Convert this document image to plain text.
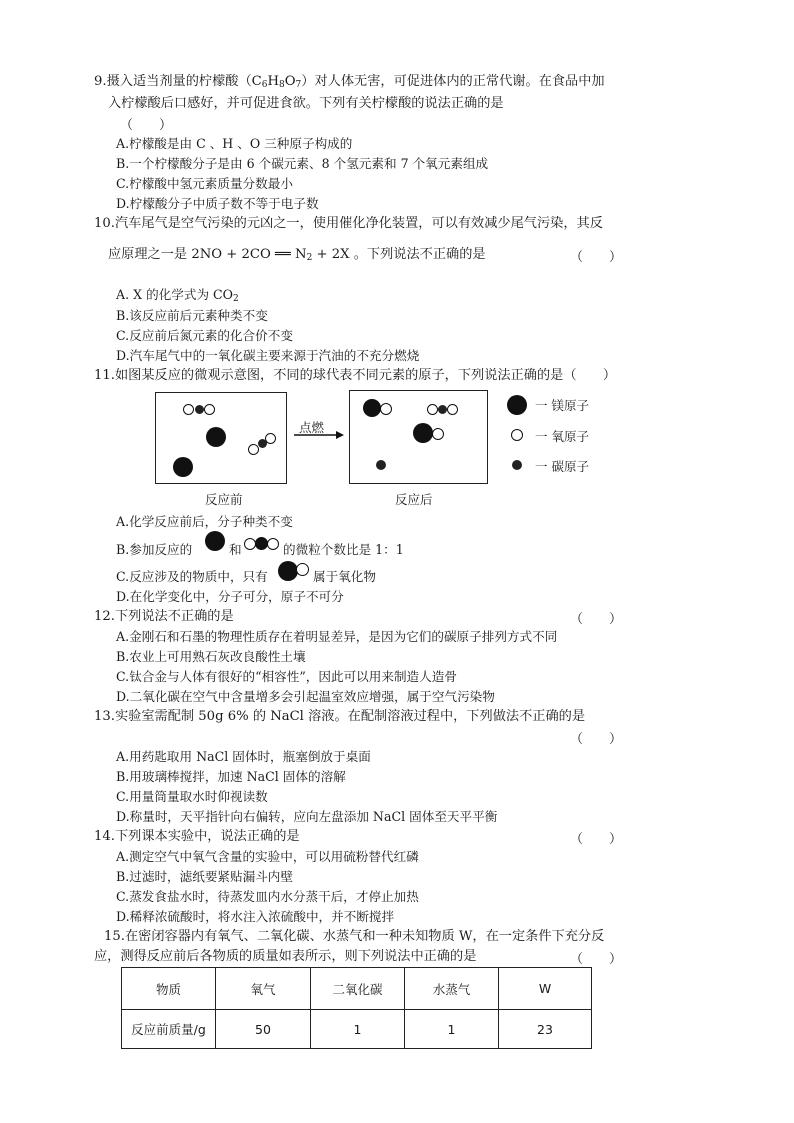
9.摄入适当剂量的柠檬酸$(C_6H_8O_7)$对人体无害，可促进体内的正常代谢。在食品中加
入柠檬酸后口感好，并可促进食欲。下列有关柠檬酸的说法正确的是
（　　）
A.柠檬酸是由 C 、H 、O 三种原子构成的
B.一个柠檬酸分子是由 6 个碳元素、8 个氢元素和 7 个氧元素组成
C.柠檬酸中氢元素质量分数最小
D.柠檬酸分子中质子数不等于电子数
10.汽车尾气是空气污染的元凶之一，使用催化净化装置，可以有效减少尾气污染，其反
应原理之一是 2NO + 2CO ══ $N_2 + 2X$ 。下列说法不正确的是	（　　）
A. X 的化学式为 $CO_2$
B.该反应前后元素种类不变
C.反应前后氮元素的化合价不变
D.汽车尾气中的一氧化碳主要来源于汽油的不充分燃烧
11.如图某反应的微观示意图，不同的球代表不同元素的原子，下列说法正确的是（　　）
点燃
一 镁原子
一 氧原子
一 碳原子
反应前	反应后
A.化学反应前后，分子种类不变
B.参加反应的	和	的微粒个数比是 1：1
C.反应涉及的物质中，只有	属于氧化物
D.在化学变化中，分子可分，原子不可分
12.下列说法不正确的是	（　　）
A.金刚石和石墨的物理性质存在着明显差异，是因为它们的碳原子排列方式不同
B.农业上可用熟石灰改良酸性土壤
C.钛合金与人体有很好的“相容性”，因此可以用来制造人造骨
D.二氧化碳在空气中含量增多会引起温室效应增强，属于空气污染物
13.实验室需配制 50g 6% 的 NaCl 溶液。在配制溶液过程中，下列做法不正确的是
（　　）
A.用药匙取用 NaCl 固体时，瓶塞倒放于桌面
B.用玻璃棒搅拌，加速 NaCl 固体的溶解
C.用量筒量取水时仰视读数
D.称量时，天平指针向右偏转，应向左盘添加 NaCl 固体至天平平衡
14.下列课本实验中，说法正确的是	（　　）
A.测定空气中氧气含量的实验中，可以用硫粉替代红磷
B.过滤时，滤纸要紧贴漏斗内壁
C.蒸发食盐水时，待蒸发皿内水分蒸干后，才停止加热
D.稀释浓硫酸时，将水注入浓硫酸中，并不断搅拌
15.在密闭容器内有氧气、二氧化碳、水蒸气和一种未知物质 W，在一定条件下充分反
应，测得反应前后各物质的质量如表所示，则下列说法中正确的是	（　　）
物质	氧气	二氧化碳	水蒸气	W
反应前质量/g	50	1	1	23
